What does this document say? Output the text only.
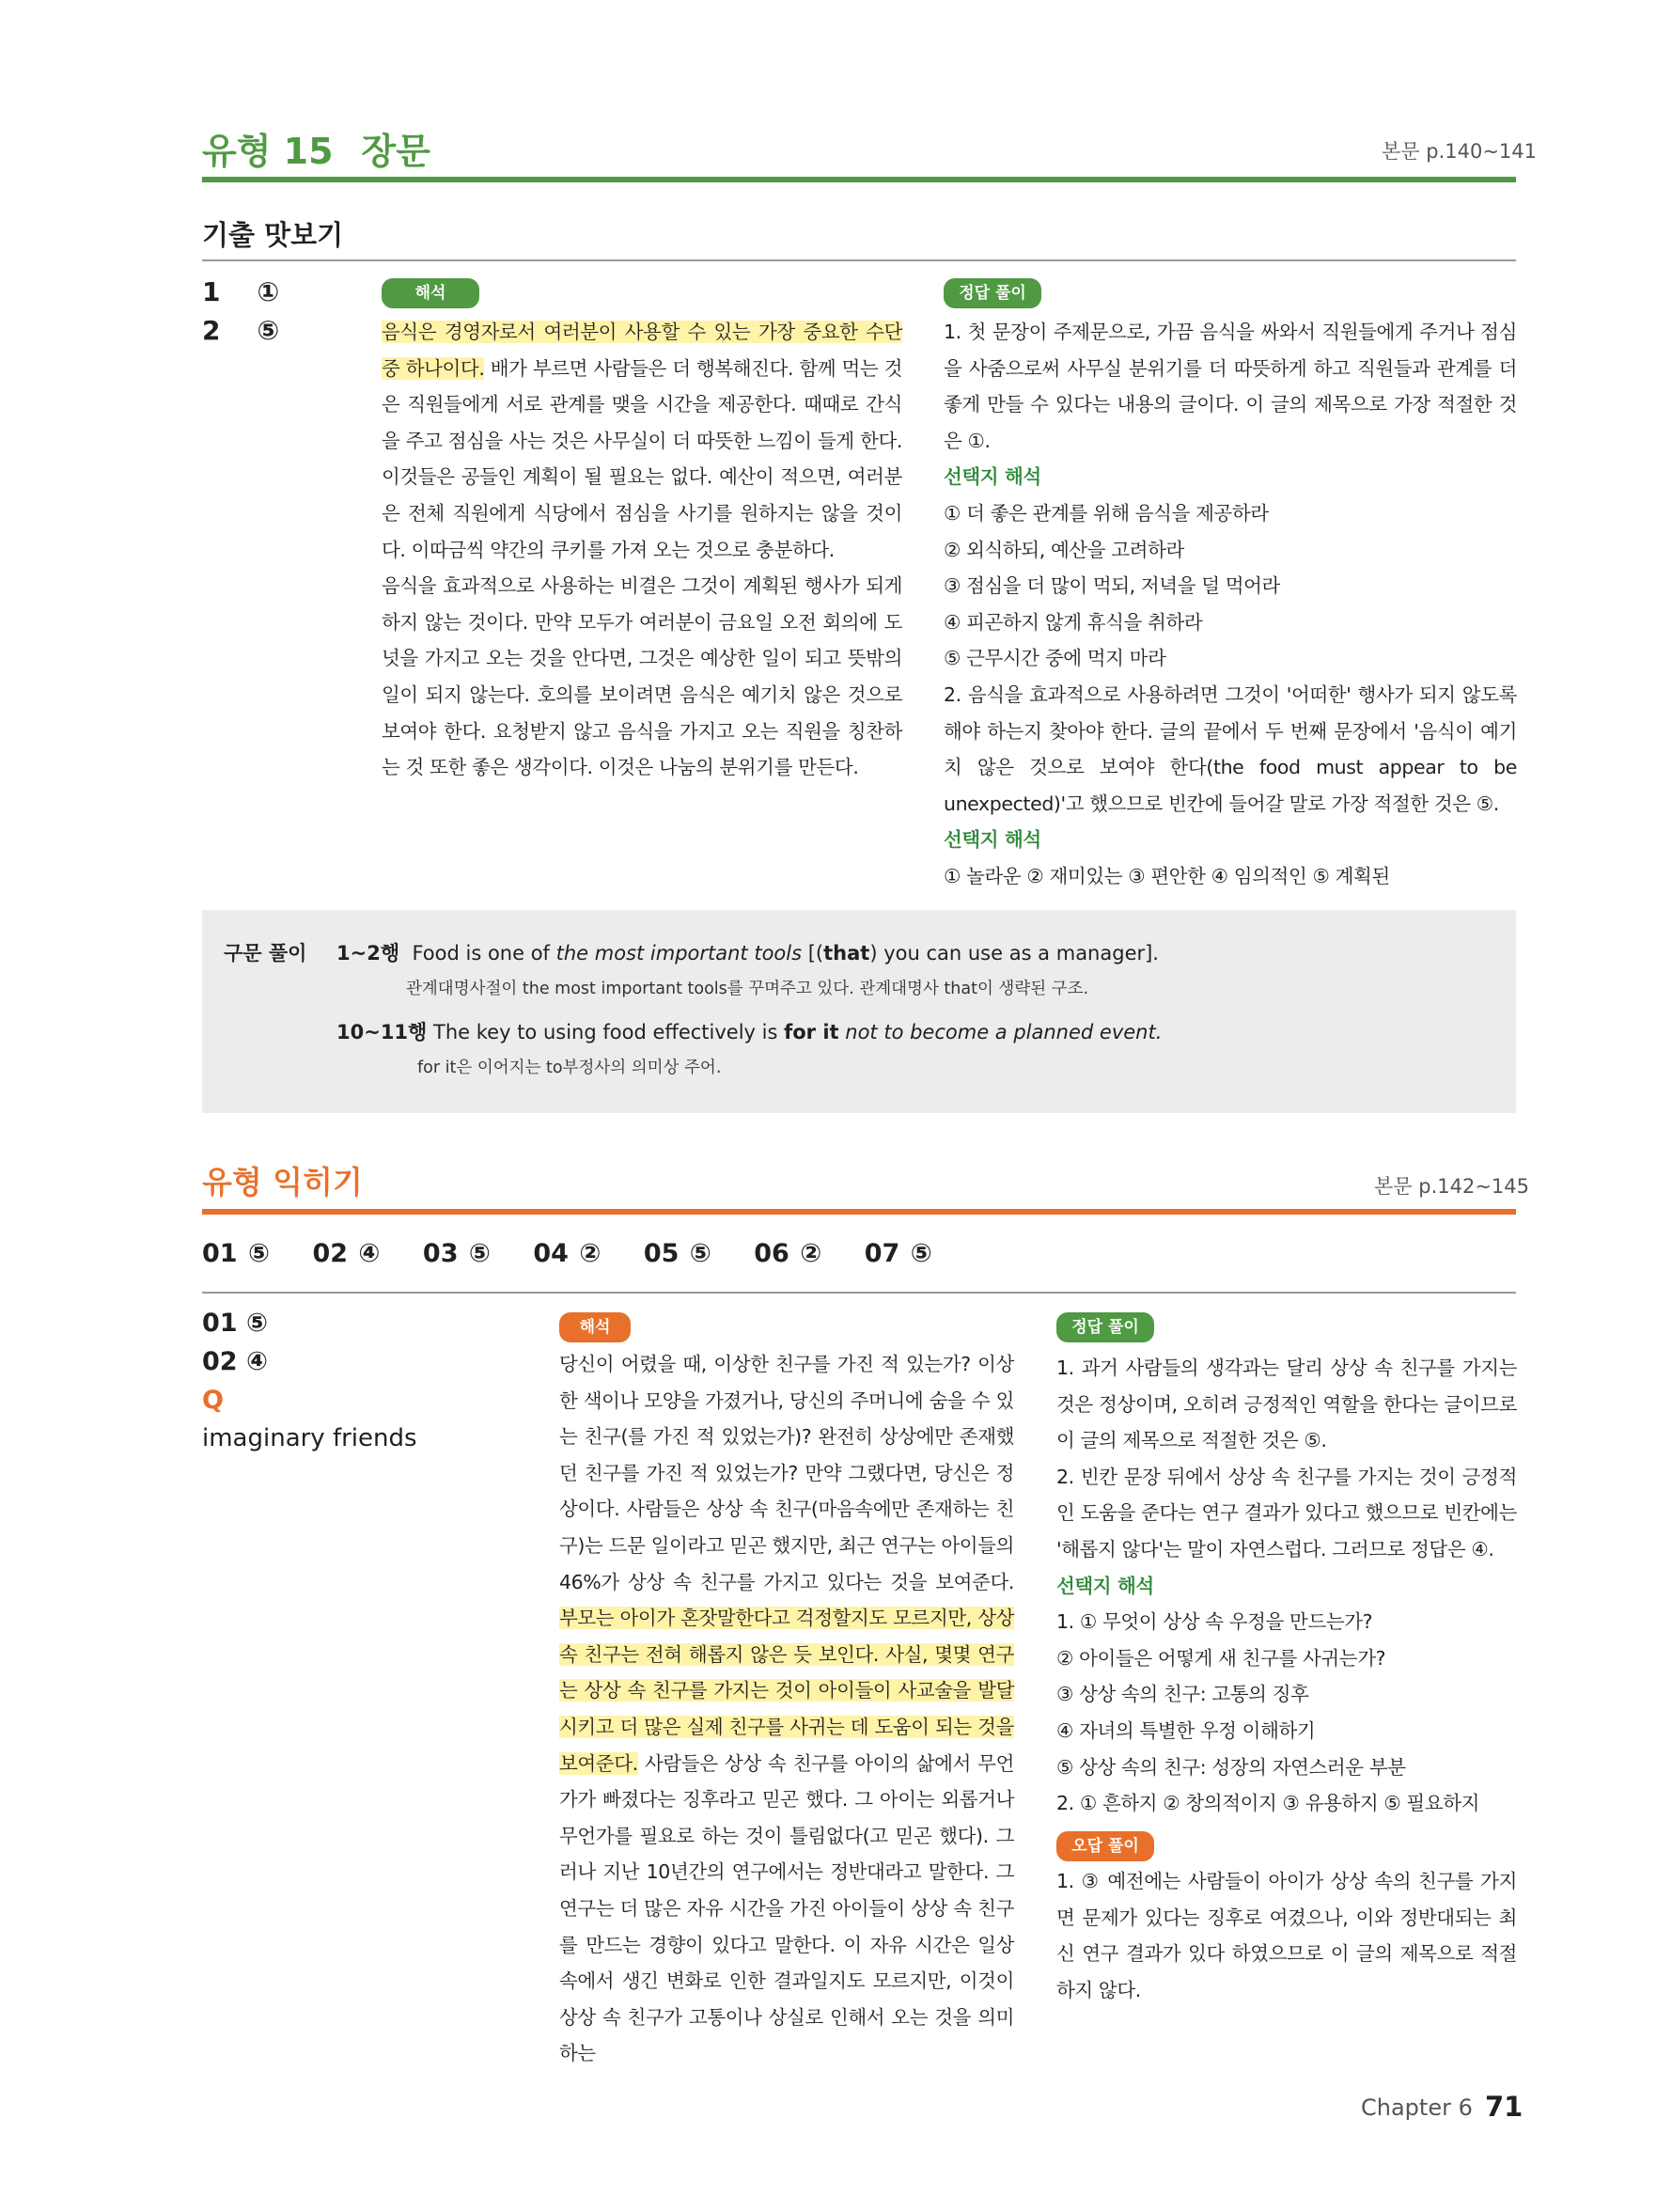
유형 15 장문	본문 p.140~141
기출 맛보기
1 ①
2 ⑤
해석

음식은 경영자로서 여러분이 사용할 수 있는 가장 중요한 수단 중 하나이다. 배가 부르면 사람들은 더 행복해진다. 함께 먹는 것은 직원들에게 서로 관계를 맺을 시간을 제공한다. 때때로 간식을 주고 점심을 사는 것은 사무실이 더 따뜻한 느낌이 들게 한다. 이것들은 공들인 계획이 될 필요는 없다. 예산이 적으면, 여러분은 전체 직원에게 식당에서 점심을 사기를 원하지는 않을 것이다. 이따금씩 약간의 쿠키를 가져 오는 것으로 충분하다.

음식을 효과적으로 사용하는 비결은 그것이 계획된 행사가 되게 하지 않는 것이다. 만약 모두가 여러분이 금요일 오전 회의에 도넛을 가지고 오는 것을 안다면, 그것은 예상한 일이 되고 뜻밖의 일이 되지 않는다. 호의를 보이려면 음식은 예기치 않은 것으로 보여야 한다. 요청받지 않고 음식을 가지고 오는 직원을 칭찬하는 것 또한 좋은 생각이다. 이것은 나눔의 분위기를 만든다.

정답 풀이

1. 첫 문장이 주제문으로, 가끔 음식을 싸와서 직원들에게 주거나 점심을 사줌으로써 사무실 분위기를 더 따뜻하게 하고 직원들과 관계를 더 좋게 만들 수 있다는 내용의 글이다. 이 글의 제목으로 가장 적절한 것은 ①.

선택지 해석
① 더 좋은 관계를 위해 음식을 제공하라
② 외식하되, 예산을 고려하라
③ 점심을 더 많이 먹되, 저녁을 덜 먹어라
④ 피곤하지 않게 휴식을 취하라
⑤ 근무시간 중에 먹지 마라

2. 음식을 효과적으로 사용하려면 그것이 '어떠한' 행사가 되지 않도록 해야 하는지 찾아야 한다. 글의 끝에서 두 번째 문장에서 '음식이 예기치 않은 것으로 보여야 한다(the food must appear to be unexpected)'고 했으므로 빈칸에 들어갈 말로 가장 적절한 것은 ⑤.

선택지 해석
① 놀라운 ② 재미있는 ③ 편안한 ④ 임의적인 ⑤ 계획된
구문 풀이 1~2행 Food is one of the most important tools [(that) you can use as a manager].
관계대명사절이 the most important tools를 꾸며주고 있다. 관계대명사 that이 생략된 구조.
10~11행 The key to using food effectively is for it not to become a planned event.
for it은 이어지는 to부정사의 의미상 주어.
유형 익히기	본문 p.142~145
01 ⑤ 02 ④ 03 ⑤ 04 ② 05 ⑤ 06 ② 07 ⑤
01 ⑤
02 ④
Q
imaginary friends
해석

당신이 어렸을 때, 이상한 친구를 가진 적 있는가? 이상한 색이나 모양을 가졌거나, 당신의 주머니에 숨을 수 있는 친구(를 가진 적 있었는가)? 완전히 상상에만 존재했던 친구를 가진 적 있었는가? 만약 그랬다면, 당신은 정상이다. 사람들은 상상 속 친구(마음속에만 존재하는 친구)는 드문 일이라고 믿곤 했지만, 최근 연구는 아이들의 46%가 상상 속 친구를 가지고 있다는 것을 보여준다. 부모는 아이가 혼잣말한다고 걱정할지도 모르지만, 상상 속 친구는 전혀 해롭지 않은 듯 보인다. 사실, 몇몇 연구는 상상 속 친구를 가지는 것이 아이들이 사교술을 발달시키고 더 많은 실제 친구를 사귀는 데 도움이 되는 것을 보여준다. 사람들은 상상 속 친구를 아이의 삶에서 무언가가 빠졌다는 징후라고 믿곤 했다. 그 아이는 외롭거나 무언가를 필요로 하는 것이 틀림없다(고 믿곤 했다). 그러나 지난 10년간의 연구에서는 정반대라고 말한다. 그 연구는 더 많은 자유 시간을 가진 아이들이 상상 속 친구를 만드는 경향이 있다고 말한다. 이 자유 시간은 일상 속에서 생긴 변화로 인한 결과일지도 모르지만, 이것이 상상 속 친구가 고통이나 상실로 인해서 오는 것을 의미하는

정답 풀이

1. 과거 사람들의 생각과는 달리 상상 속 친구를 가지는 것은 정상이며, 오히려 긍정적인 역할을 한다는 글이므로 이 글의 제목으로 적절한 것은 ⑤.

2. 빈칸 문장 뒤에서 상상 속 친구를 가지는 것이 긍정적인 도움을 준다는 연구 결과가 있다고 했으므로 빈칸에는 '해롭지 않다'는 말이 자연스럽다. 그러므로 정답은 ④.

선택지 해석
1. ① 무엇이 상상 속 우정을 만드는가?
② 아이들은 어떻게 새 친구를 사귀는가?
③ 상상 속의 친구: 고통의 징후
④ 자녀의 특별한 우정 이해하기
⑤ 상상 속의 친구: 성장의 자연스러운 부분
2. ① 흔하지 ② 창의적이지 ③ 유용하지 ⑤ 필요하지
오답 풀이

1. ③ 예전에는 사람들이 아이가 상상 속의 친구를 가지면 문제가 있다는 징후로 여겼으나, 이와 정반대되는 최신 연구 결과가 있다 하였으므로 이 글의 제목으로 적절하지 않다.

Chapter 6 71
